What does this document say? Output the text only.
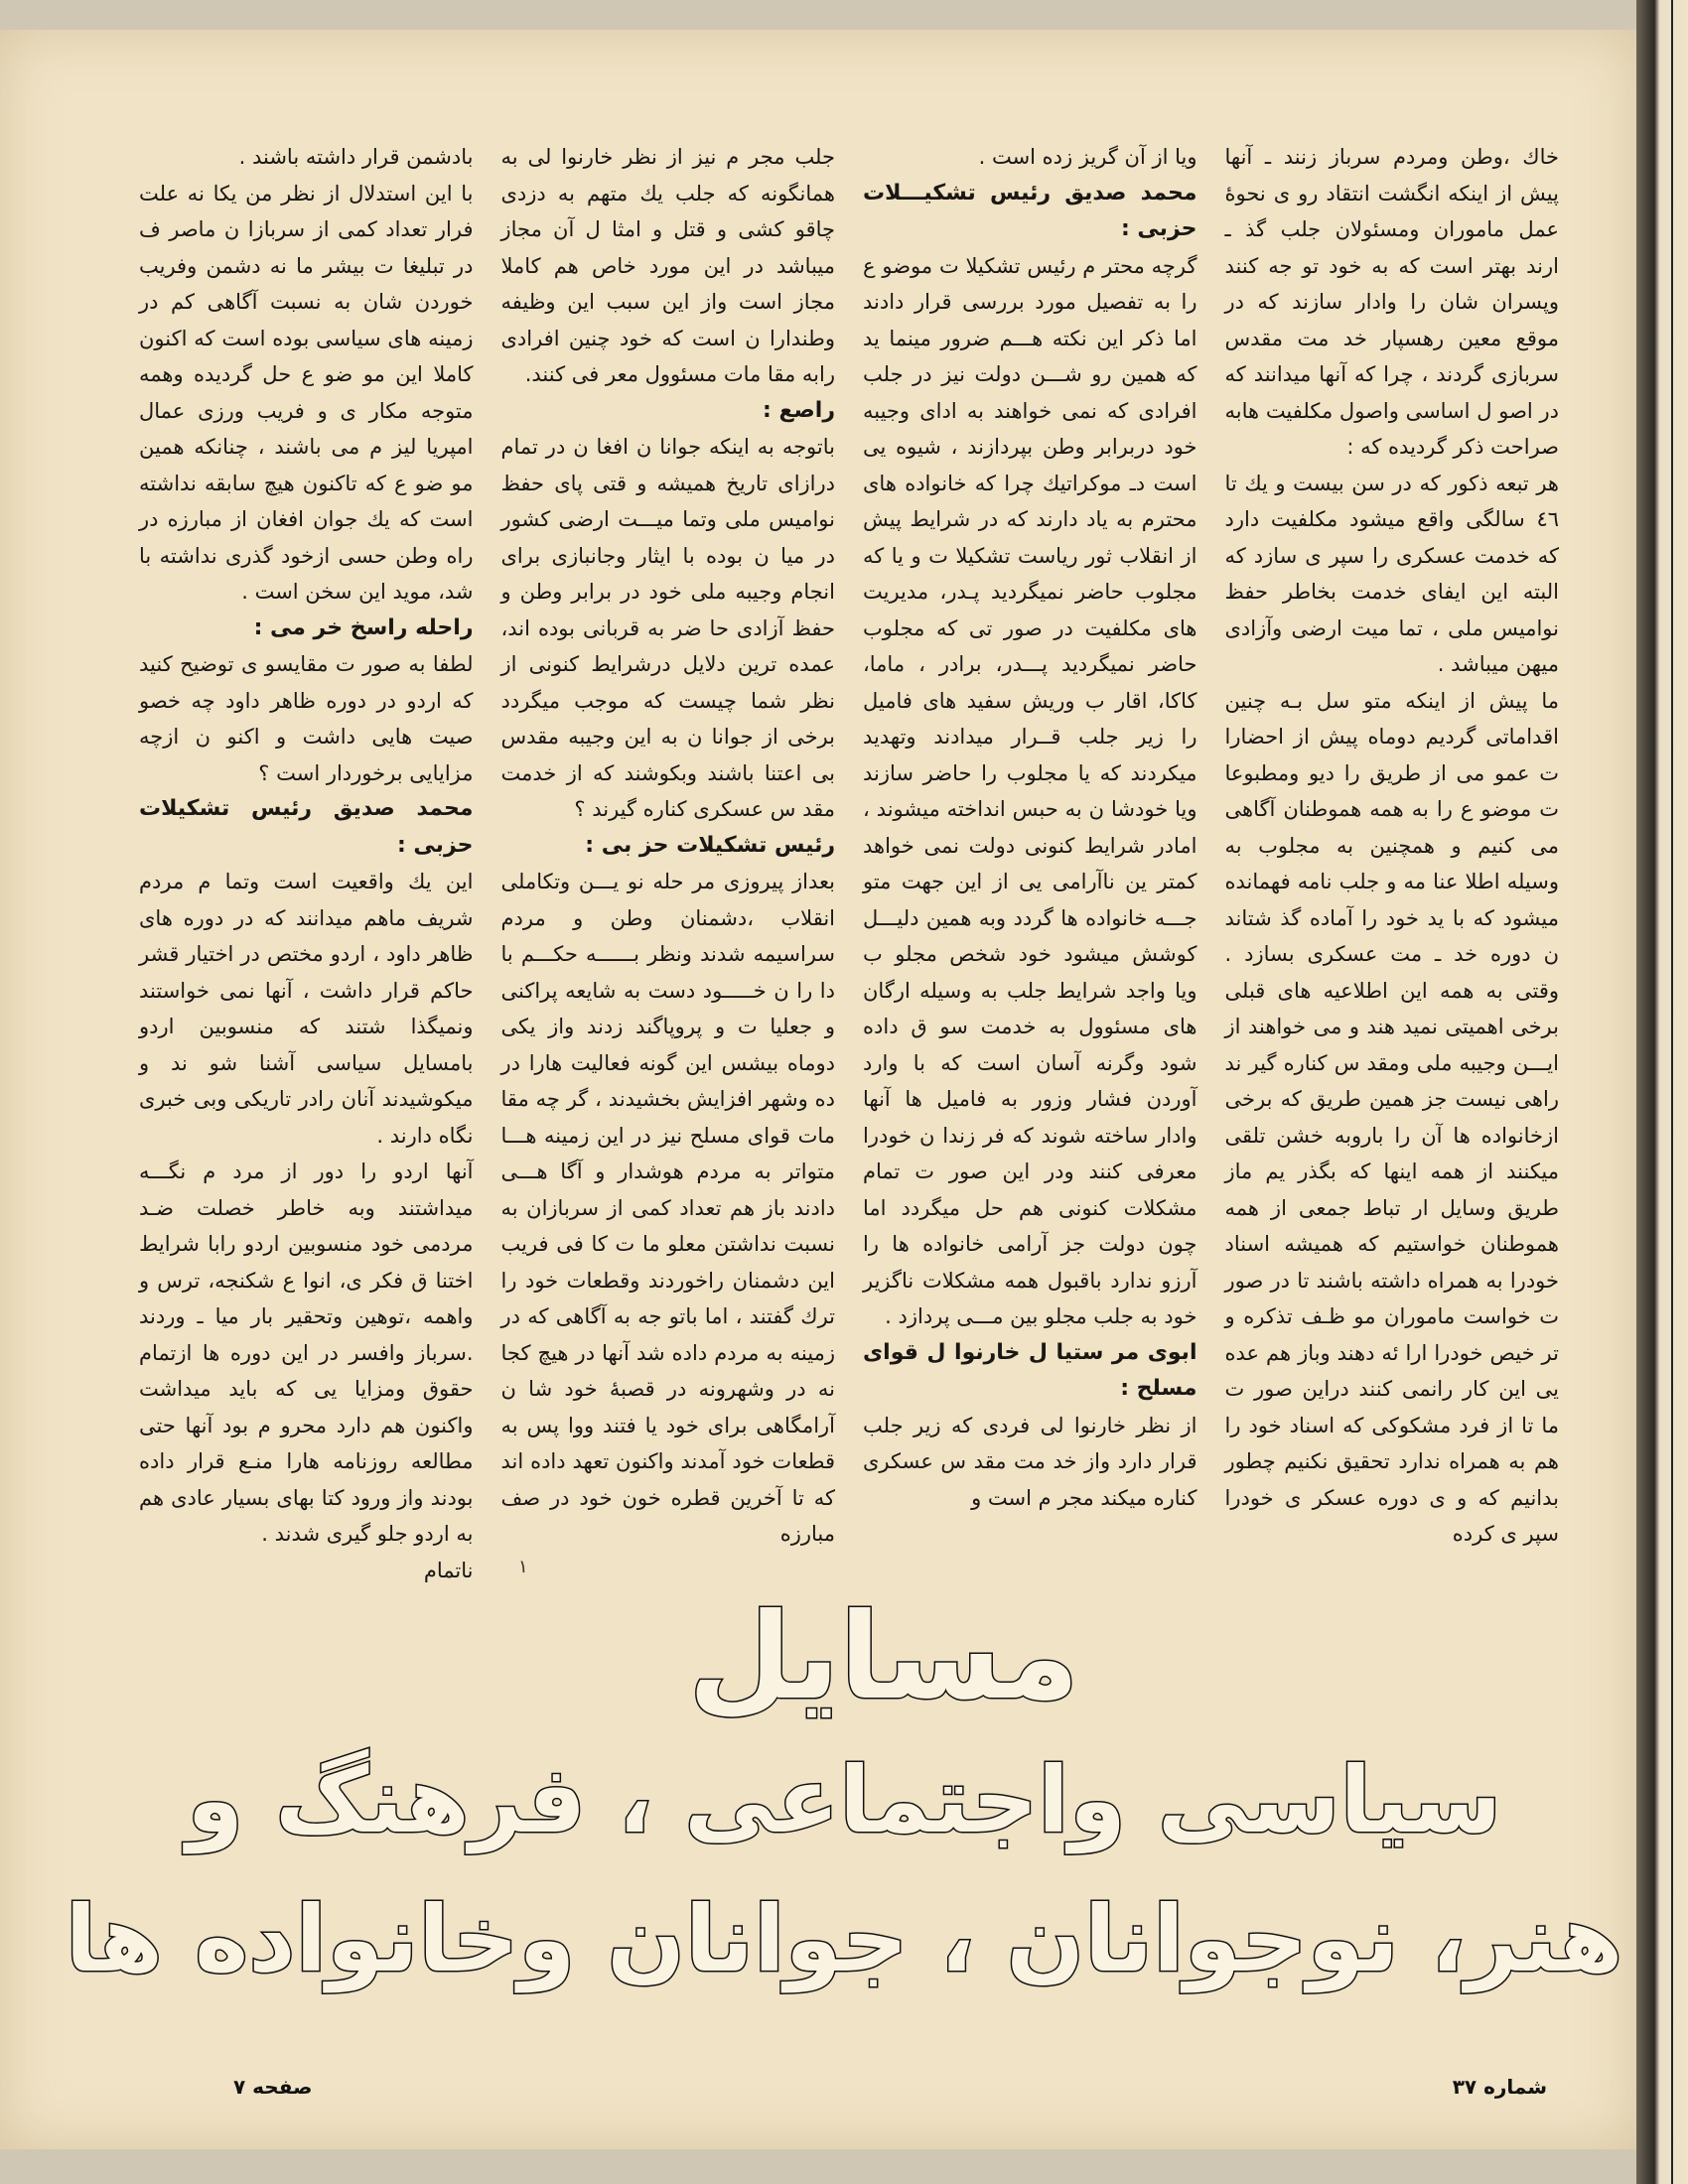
خاك ،وطن ومردم سرباز زنند ـ آنها پیش از اینکه انگشت انتقاد رو ی نحوۀ عمل ماموران ومسئولان جلب گذ ـ ارند بهتر است که به خود تو جه کنند وپسران شان را وادار سازند که در موقع معین رهسپار خد مت مقدس سربازی گردند ، چرا که آنها میدانند که در اصو ل اساسی واصول مکلفیت هابه صراحت ذکر گردیده که :

هر تبعه ذکور که در سن بیست و یك تا ٤٦ سالگی واقع میشود مکلفیت دارد که خدمت عسکری را سپر ی سازد که البته این ایفای خدمت بخاطر حفظ نوامیس ملی ، تما میت ارضی وآزادی میهن میباشد .

ما پیش از اینکه متو سل بـه چنین اقداماتی گردیم دوماه پیش از احضارا ت عمو می از طریق را دیو ومطبوعا ت موضو ع را به همه هموطنان آگاهی می کنیم و همچنین به مجلوب به وسیله اطلا عنا مه و جلب نامه فهمانده میشود که با ید خود را آماده گذ شتاند ن دوره خد ـ مت عسکری بسازد . وقتی به همه این اطلاعیه های قبلی برخی اهمیتی نمید هند و می خواهند از ایـــن وجیبه ملی ومقد س کناره گیر ند راهی نیست جز همین طریق که برخی ازخانواده ها آن را باروبه خشن تلقی میکنند از همه اینها که بگذر یم ماز طریق وسایل ار تباط جمعی از همه هموطنان خواستیم که همیشه اسناد خودرا به همراه داشته باشند تا در صور ت خواست ماموران مو ظـف تذکره و تر خیص خودرا ارا ئه دهند وباز هم عده یی این کار رانمی کنند دراین صور ت ما تا از فرد مشکوکی که اسناد خود را هم به همراه ندارد تحقیق نکنیم چطور بدانیم که و ی دوره عسکر ی خودرا سپر ی کرده

ویا از آن گریز زده است .

محمد صدیق رئیس تشکیـــلات حزبی :

گرچه محتر م رئیس تشکیلا ت موضو ع را به تفصیل مورد بررسی قرار دادند اما ذکر این نکته هـــم ضرور مینما ید که همین رو شـــن دولت نیز در جلب افرادی که نمی خواهند به ادای وجیبه خود دربرابر وطن بپردازند ، شیوه یی است دـ موکراتیك چرا که خانواده های محترم به یاد دارند که در شرایط پیش از انقلاب ثور ریاست تشکیلا ت و یا که مجلوب حاضر نمیگردید پـدر، مدیریت های مکلفیت در صور تی که مجلوب حاضر نمیگردید پـــدر، برادر ، ماما، کاکا، اقار ب وریش سفید های فامیل را زیر جلب قــرار میدادند وتهدید میکردند که یا مجلوب را حاضر سازند ویا خودشا ن به حبس انداخته میشوند ، امادر شرایط کنونی دولت نمی خواهد کمتر ین ناآرامی یی از این جهت متو جـــه خانواده ها گردد وبه همین دلیـــل کوشش میشود خود شخص مجلو ب ویا واجد شرایط جلب به وسیله ارگان های مسئوول به خدمت سو ق داده شود وگرنه آسان است که با وارد آوردن فشار وزور به فامیل ها آنها وادار ساخته شوند که فر زندا ن خودرا معرفی کنند ودر این صور ت تمام مشکلات کنونی هم حل میگردد اما چون دولت جز آرامی خانواده ها را آرزو ندارد باقبول همه مشکلات ناگزیر خود به جلب مجلو بین مـــی پردازد .

ابوی مر ستیا ل خارنوا ل قوای مسلح :

از نظر خارنوا لی فردی که زیر جلب قرار دارد واز خد مت مقد س عسکری کناره میکند مجر م است و

جلب مجر م نیز از نظر خارنوا لی به همانگونه که جلب یك متهم به دزدی چاقو کشی و قتل و امثا ل آن مجاز میباشد در این مورد خاص هم کاملا مجاز است واز این سبب این وظیفه وطندارا ن است که خود چنین افرادی رابه مقا مات مسئوول معر فی کنند.

راصع :

باتوجه به اینکه جوانا ن افغا ن در تمام درازای تاریخ همیشه و قتی پای حفظ نوامیس ملی وتما میـــت ارضی کشور در میا ن بوده با ایثار وجانبازی برای انجام وجیبه ملی خود در برابر وطن و حفظ آزادی حا ضر به قربانی بوده اند، عمده ترین دلایل درشرایط کنونی از نظر شما چیست که موجب میگردد برخی از جوانا ن به این وجیبه مقدس بی اعتنا باشند وبکوشند که از خدمت مقد س عسکری کناره گیرند ؟

رئیس تشکیلات حز بی :

بعداز پیروزی مر حله نو یـــن وتکاملی انقلاب ،دشمنان وطن و مردم سراسیمه شدند ونظر بــــــه حکـــم با دا را ن خـــــود دست به شایعه پراکنی و جعلیا ت و پروپاگند زدند واز یکی دوماه بیشس این گونه فعالیت هارا در ده وشهر افزایش بخشیدند ، گر چه مقا مات قوای مسلح نیز در این زمینه هـــا متواتر به مردم هوشدار و آگا هـــی دادند باز هم تعداد کمی از سربازان به نسبت نداشتن معلو ما ت کا فی فریب این دشمنان راخوردند وقطعات خود را ترك گفتند ، اما باتو جه به آگاهی که در زمینه به مردم داده شد آنها در هیچ کجا نه در وشهرونه در قصبهٔ خود شا ن آرامگاهی برای خود یا فتند ووا پس به قطعات خود آمدند واکنون تعهد داده اند که تا آخرین قطره خون خود در صف مبارزه

بادشمن قرار داشته باشند .

با این استدلال از نظر من یکا نه علت فرار تعداد کمی از سربازا ن ماصر ف در تبلیغا ت بیشر ما نه دشمن وفریب خوردن شان به نسبت آگاهی کم در زمینه های سیاسی بوده است که اکنون کاملا این مو ضو ع حل گردیده وهمه متوجه مکار ی و فریب ورزی عمال امپریا لیز م می باشند ، چنانکه همین مو ضو ع که تاکنون هیچ سابقه نداشته است که یك جوان افغان از مبارزه در راه وطن حسی ازخود گذری نداشته با شد، موید این سخن است .

راحله راسخ خر می :

لطفا به صور ت مقایسو ی توضیح کنید که اردو در دوره ظاهر داود چه خصو صیت هایی داشت و اکنو ن ازچه مزایایی برخوردار است ؟

محمد صدیق رئیس تشکیلات حزبی :

این یك واقعیت است وتما م مردم شریف ماهم میدانند که در دوره های ظاهر داود ، اردو مختص در اختیار قشر حاکم قرار داشت ، آنها نمی خواستند ونمیگذا شتند که منسوبین اردو بامسایل سیاسی آشنا شو ند و میکوشیدند آنان رادر تاریکی وبی خبری نگاه دارند .

آنها اردو را دور از مرد م نگـــه میداشتند وبه خاطر خصلت ضـد مردمی خود منسوبین اردو رابا شرایط اختنا ق فکر ی، انوا ع شکنجه، ترس و واهمه ،توهین وتحقیر بار میا ـ وردند .سرباز وافسر در این دوره ها ازتمام حقوق ومزایا یی که باید میداشت واکنون هم دارد محرو م بود آنها حتی مطالعه روزنامه هارا منـع قرار داده بودند واز ورود کتا بهای بسیار عادی هم به اردو جلو گیری شدند .

ناتمام	١
مسایل
سیاسی واجتماعی ، فرهنگ و
هنر، نوجوانان ، جوانان وخانواده ها
شماره ۳۷
صفحه ۷
